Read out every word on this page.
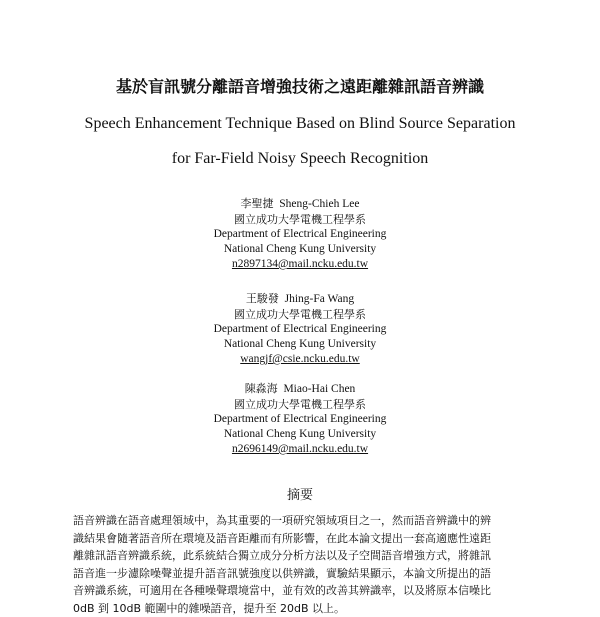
基於盲訊號分離語音增強技術之遠距離雜訊語音辨識
Speech Enhancement Technique Based on Blind Source Separation
for Far-Field Noisy Speech Recognition
李聖捷 Sheng-Chieh Lee
國立成功大學電機工程學系
Department of Electrical Engineering
National Cheng Kung University
n2897134@mail.ncku.edu.tw
王駿發 Jhing-Fa Wang
國立成功大學電機工程學系
Department of Electrical Engineering
National Cheng Kung University
wangjf@csie.ncku.edu.tw
陳淼海 Miao-Hai Chen
國立成功大學電機工程學系
Department of Electrical Engineering
National Cheng Kung University
n2696149@mail.ncku.edu.tw
摘要
語音辨識在語音處理領域中，為其重要的一項研究領域項目之一，然而語音辨識中的辨
識結果會隨著語音所在環境及語音距離而有所影響，在此本論文提出一套高適應性遠距
離雜訊語音辨識系統，此系統結合獨立成分分析方法以及子空間語音增強方式，將雜訊
語音進一步濾除噪聲並提升語音訊號強度以供辨識，實驗結果顯示，本論文所提出的語
音辨識系統，可適用在各種噪聲環境當中，並有效的改善其辨識率，以及將原本信噪比
0dB 到 10dB 範圍中的雜噪語音，提升至 20dB 以上。
